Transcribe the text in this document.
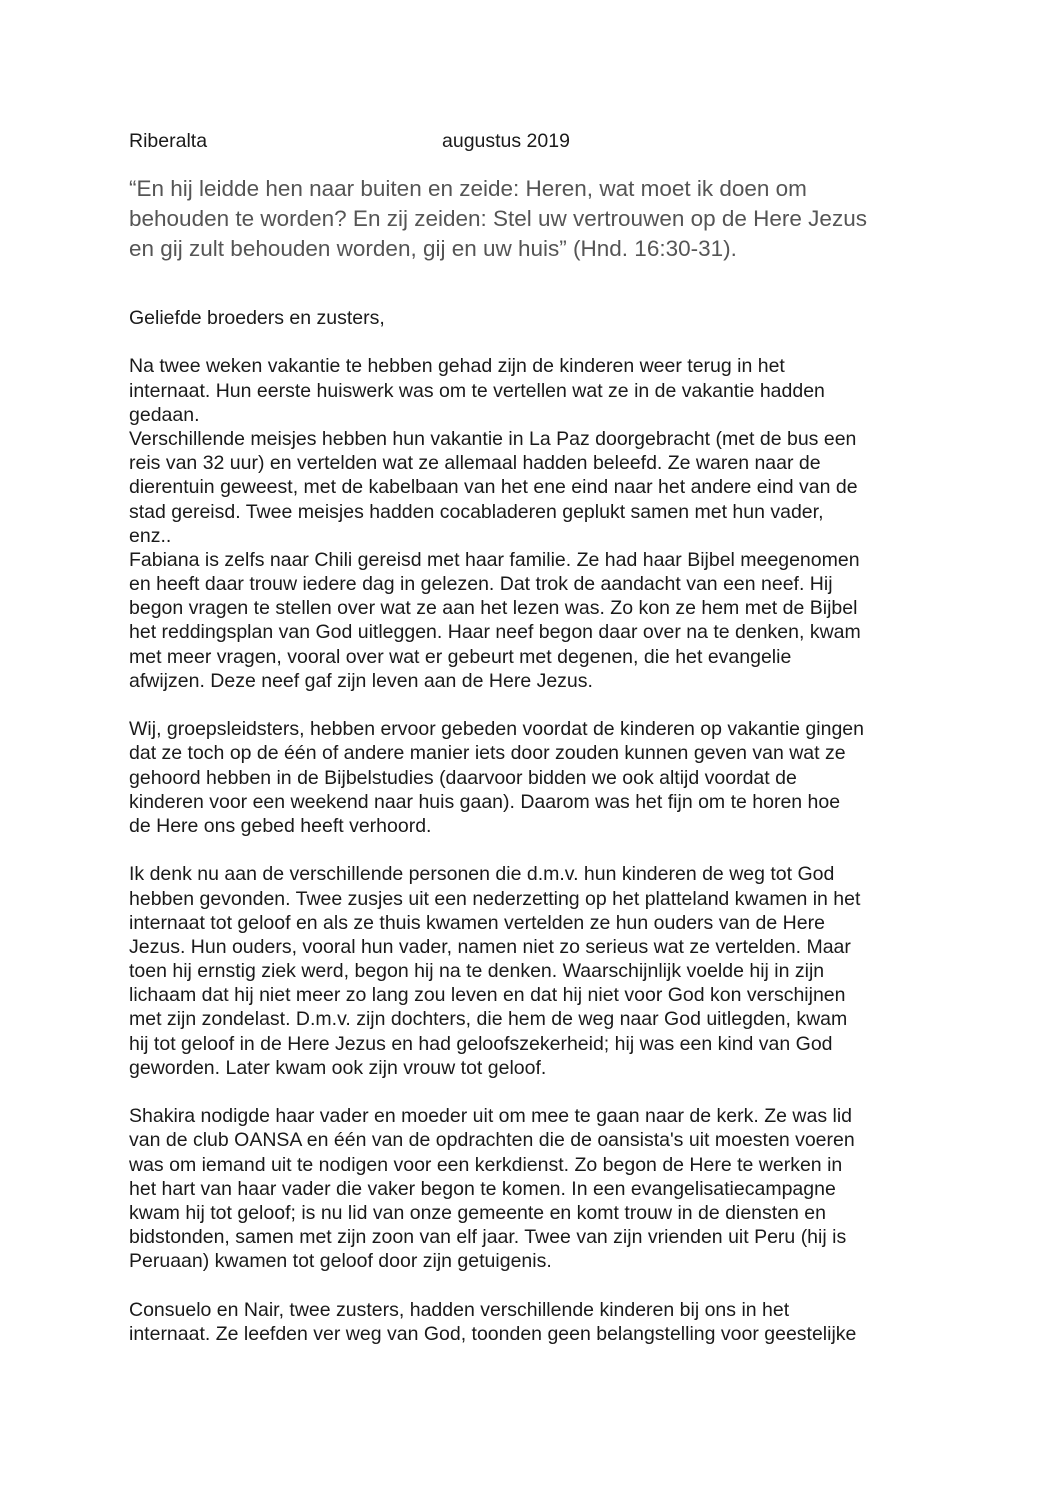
Riberalta	augustus 2019
“En hij leidde hen naar buiten en zeide: Heren, wat moet ik doen om
behouden te worden? En zij zeiden: Stel uw vertrouwen op de Here Jezus
en gij zult behouden worden, gij en uw huis” (Hnd. 16:30-31).
Geliefde broeders en zusters,
Na twee weken vakantie te hebben gehad zijn de kinderen weer terug in het
internaat. Hun eerste huiswerk was om te vertellen wat ze in de vakantie hadden
gedaan.
Verschillende meisjes hebben hun vakantie in La Paz doorgebracht (met de bus een
reis van 32 uur) en vertelden wat ze allemaal hadden beleefd. Ze waren naar de
dierentuin geweest, met de kabelbaan van het ene eind naar het andere eind van de
stad gereisd. Twee meisjes hadden cocabladeren geplukt samen met hun vader,
enz..
Fabiana is zelfs naar Chili gereisd met haar familie. Ze had haar Bijbel meegenomen
en heeft daar trouw iedere dag in gelezen. Dat trok de aandacht van een neef. Hij
begon vragen te stellen over wat ze aan het lezen was. Zo kon ze hem met de Bijbel
het reddingsplan van God uitleggen. Haar neef begon daar over na te denken, kwam
met meer vragen, vooral over wat er gebeurt met degenen, die het evangelie
afwijzen. Deze neef gaf zijn leven aan de Here Jezus.
Wij, groepsleidsters, hebben ervoor gebeden voordat de kinderen op vakantie gingen
dat ze toch op de één of andere manier iets door zouden kunnen geven van wat ze
gehoord hebben in de Bijbelstudies (daarvoor bidden we ook altijd voordat de
kinderen voor een weekend naar huis gaan). Daarom was het fijn om te horen hoe
de Here ons gebed heeft verhoord.
Ik denk nu aan de verschillende personen die d.m.v. hun kinderen de weg tot God
hebben gevonden. Twee zusjes uit een nederzetting op het platteland kwamen in het
internaat tot geloof en als ze thuis kwamen vertelden ze hun ouders van de Here
Jezus. Hun ouders, vooral hun vader, namen niet zo serieus wat ze vertelden. Maar
toen hij ernstig ziek werd, begon hij na te denken. Waarschijnlijk voelde hij in zijn
lichaam dat hij niet meer zo lang zou leven en dat hij niet voor God kon verschijnen
met zijn zondelast. D.m.v. zijn dochters, die hem de weg naar God uitlegden, kwam
hij tot geloof in de Here Jezus en had geloofszekerheid; hij was een kind van God
geworden. Later kwam ook zijn vrouw tot geloof.
Shakira nodigde haar vader en moeder uit om mee te gaan naar de kerk. Ze was lid
van de club OANSA en één van de opdrachten die de oansista's uit moesten voeren
was om iemand uit te nodigen voor een kerkdienst. Zo begon de Here te werken in
het hart van haar vader die vaker begon te komen. In een evangelisatiecampagne
kwam hij tot geloof; is nu lid van onze gemeente en komt trouw in de diensten en
bidstonden, samen met zijn zoon van elf jaar. Twee van zijn vrienden uit Peru (hij is
Peruaan) kwamen tot geloof door zijn getuigenis.
Consuelo en Nair, twee zusters, hadden verschillende kinderen bij ons in het
internaat. Ze leefden ver weg van God, toonden geen belangstelling voor geestelijke
